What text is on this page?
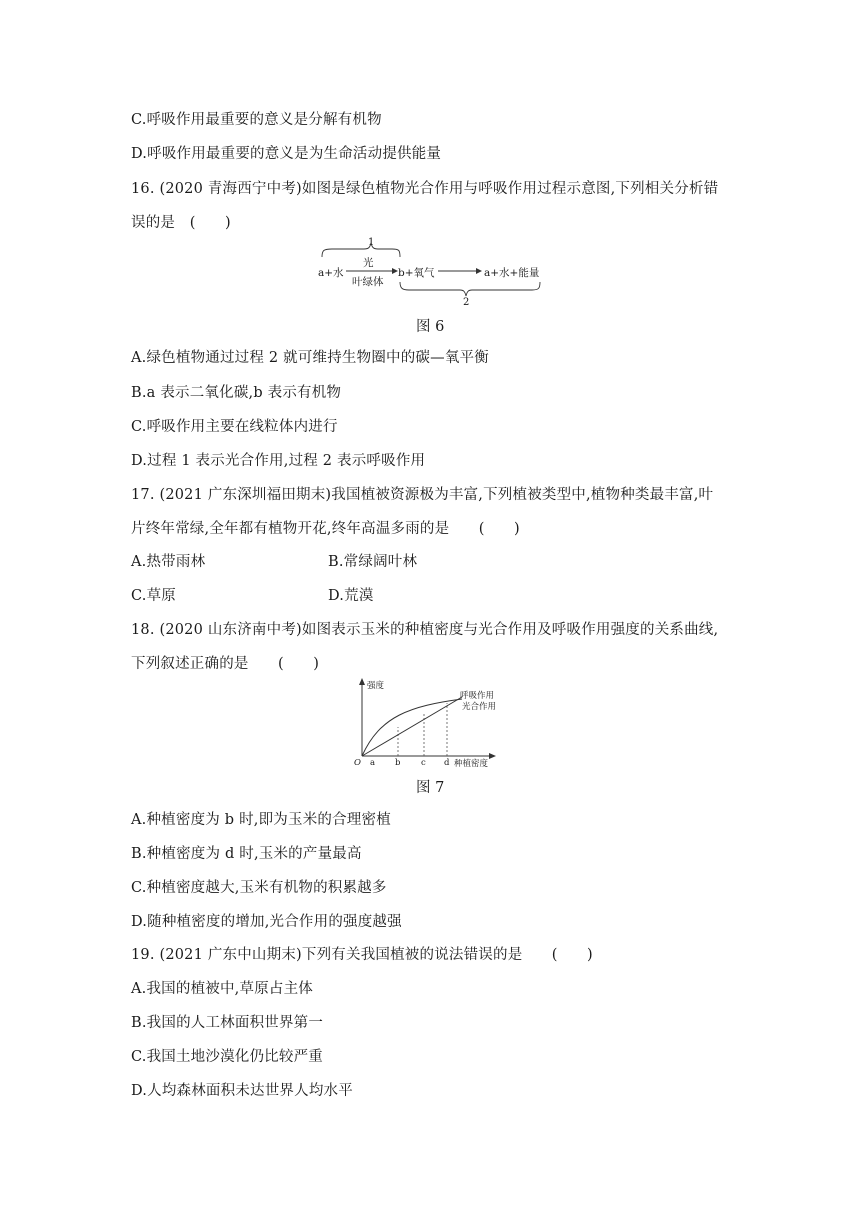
C.呼吸作用最重要的意义是分解有机物
D.呼吸作用最重要的意义是为生命活动提供能量
16. (2020 青海西宁中考)如图是绿色植物光合作用与呼吸作用过程示意图,下列相关分析错
误的是　(　　)
1
a+水
光
叶绿体
b+氧气	a+水+能量
2
图 6
A.绿色植物通过过程 2 就可维持生物圈中的碳—氧平衡
B.a 表示二氧化碳,b 表示有机物
C.呼吸作用主要在线粒体内进行
D.过程 1 表示光合作用,过程 2 表示呼吸作用
17. (2021 广东深圳福田期末)我国植被资源极为丰富,下列植被类型中,植物种类最丰富,叶
片终年常绿,全年都有植物开花,终年高温多雨的是　　(　　)
A.热带雨林	B.常绿阔叶林
C.草原	D.荒漠
18. (2020 山东济南中考)如图表示玉米的种植密度与光合作用及呼吸作用强度的关系曲线,
下列叙述正确的是　　(　　)
强度
种植密度
O a b c d
呼吸作用
光合作用
图 7
A.种植密度为 b 时,即为玉米的合理密植
B.种植密度为 d 时,玉米的产量最高
C.种植密度越大,玉米有机物的积累越多
D.随种植密度的增加,光合作用的强度越强
19. (2021 广东中山期末)下列有关我国植被的说法错误的是　　(　　)
A.我国的植被中,草原占主体
B.我国的人工林面积世界第一
C.我国土地沙漠化仍比较严重
D.人均森林面积未达世界人均水平
